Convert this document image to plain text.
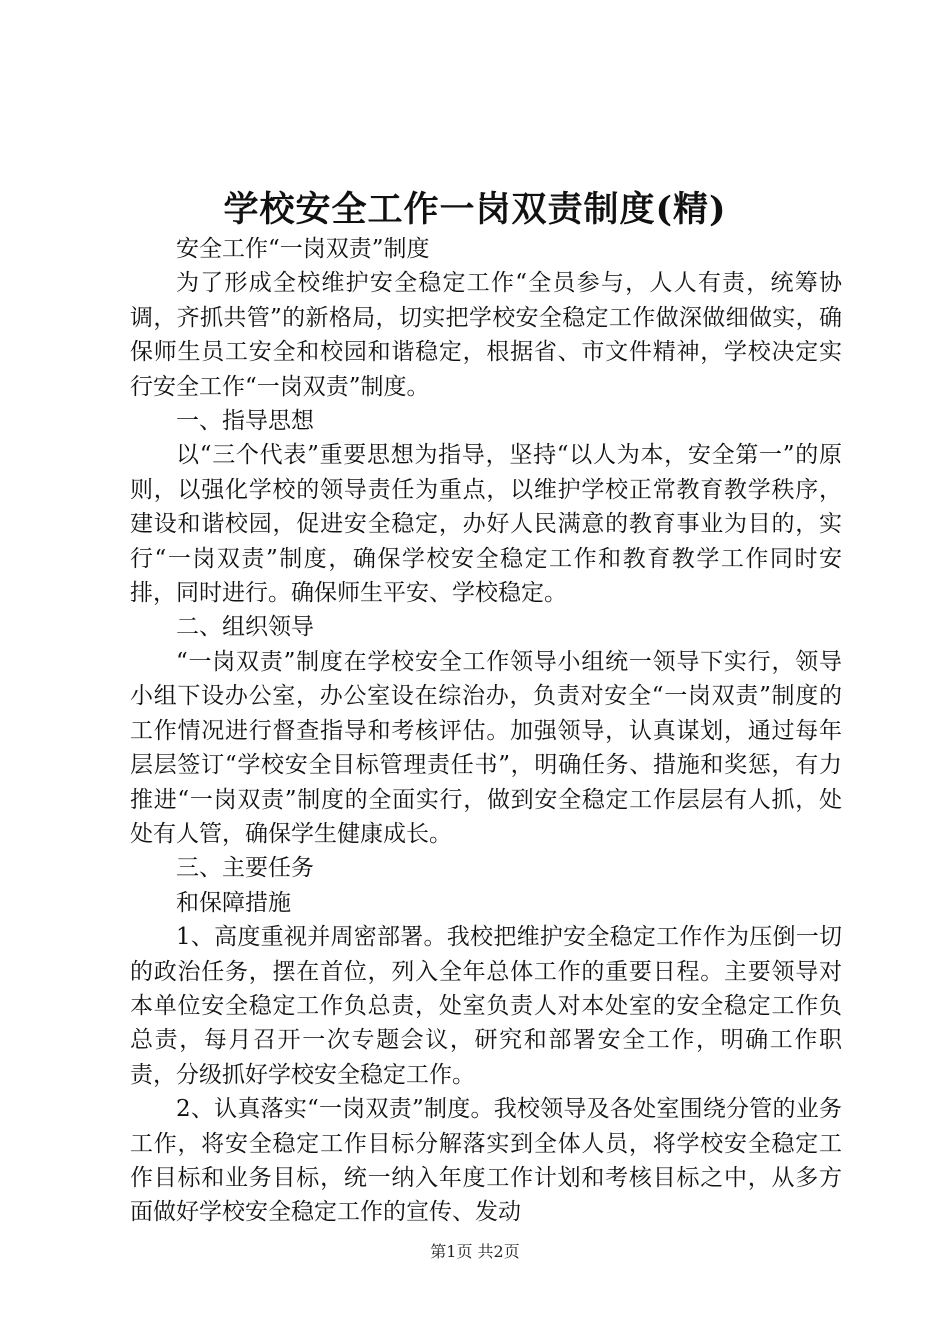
学校安全工作一岗双责制度(精)

安全工作“一岗双责”制度

为了形成全校维护安全稳定工作“全员参与，人人有责，统筹协调，齐抓共管”的新格局，切实把学校安全稳定工作做深做细做实，确保师生员工安全和校园和谐稳定，根据省、市文件精神，学校决定实行安全工作“一岗双责”制度。

一、指导思想

以“三个代表”重要思想为指导，坚持“以人为本，安全第一”的原则，以强化学校的领导责任为重点，以维护学校正常教育教学秩序，建设和谐校园，促进安全稳定，办好人民满意的教育事业为目的，实行“一岗双责”制度，确保学校安全稳定工作和教育教学工作同时安排，同时进行。确保师生平安、学校稳定。

二、组织领导

“一岗双责”制度在学校安全工作领导小组统一领导下实行，领导小组下设办公室，办公室设在综治办，负责对安全“一岗双责”制度的工作情况进行督查指导和考核评估。加强领导，认真谋划，通过每年层层签订“学校安全目标管理责任书”，明确任务、措施和奖惩，有力推进“一岗双责”制度的全面实行，做到安全稳定工作层层有人抓，处处有人管，确保学生健康成长。

三、主要任务

和保障措施

1、高度重视并周密部署。我校把维护安全稳定工作作为压倒一切的政治任务，摆在首位，列入全年总体工作的重要日程。主要领导对本单位安全稳定工作负总责，处室负责人对本处室的安全稳定工作负总责，每月召开一次专题会议，研究和部署安全工作，明确工作职责，分级抓好学校安全稳定工作。

2、认真落实“一岗双责”制度。我校领导及各处室围绕分管的业务工作，将安全稳定工作目标分解落实到全体人员，将学校安全稳定工作目标和业务目标，统一纳入年度工作计划和考核目标之中，从多方面做好学校安全稳定工作的宣传、发动

第1页 共2页
